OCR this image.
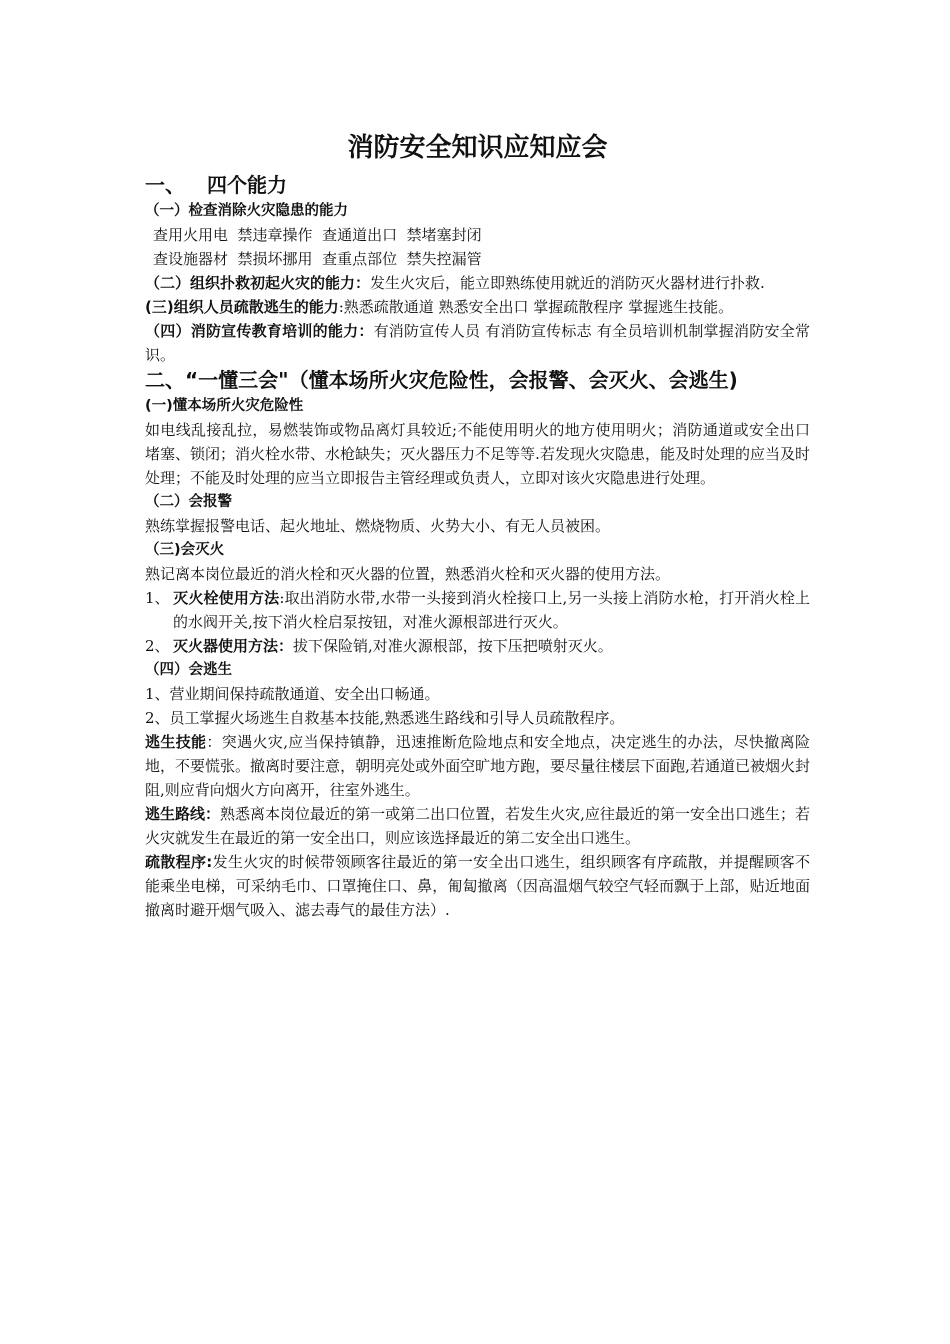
消防安全知识应知应会
一、 四个能力
（一）检查消除火灾隐患的能力

查用火用电  禁违章操作  查通道出口  禁堵塞封闭

查设施器材  禁损坏挪用  查重点部位  禁失控漏管

（二）组织扑救初起火灾的能力：发生火灾后，能立即熟练使用就近的消防灭火器材进行扑救.

(三)组织人员疏散逃生的能力:熟悉疏散通道 熟悉安全出口 掌握疏散程序 掌握逃生技能。

（四）消防宣传教育培训的能力：有消防宣传人员 有消防宣传标志 有全员培训机制掌握消防安全常识。

二、“一懂三会"（懂本场所火灾危险性，会报警、会灭火、会逃生)
(一)懂本场所火灾危险性

如电线乱接乱拉，易燃装饰或物品离灯具较近;不能使用明火的地方使用明火；消防通道或安全出口堵塞、锁闭；消火栓水带、水枪缺失；灭火器压力不足等等.若发现火灾隐患，能及时处理的应当及时处理；不能及时处理的应当立即报告主管经理或负责人，立即对该火灾隐患进行处理。

（二）会报警

熟练掌握报警电话、起火地址、燃烧物质、火势大小、有无人员被困。

（三)会灭火

熟记离本岗位最近的消火栓和灭火器的位置，熟悉消火栓和灭火器的使用方法。

1、 灭火栓使用方法:取出消防水带,水带一头接到消火栓接口上,另一头接上消防水枪，打开消火栓上的水阀开关,按下消火栓启泵按钮，对准火源根部进行灭火。

2、 灭火器使用方法：拔下保险销,对准火源根部，按下压把喷射灭火。

（四）会逃生

1、营业期间保持疏散通道、安全出口畅通。

2、员工掌握火场逃生自救基本技能,熟悉逃生路线和引导人员疏散程序。

逃生技能：突遇火灾,应当保持镇静，迅速推断危险地点和安全地点，决定逃生的办法，尽快撤离险地，不要慌张。撤离时要注意，朝明亮处或外面空旷地方跑，要尽量往楼层下面跑,若通道已被烟火封阻,则应背向烟火方向离开，往室外逃生。

逃生路线：熟悉离本岗位最近的第一或第二出口位置，若发生火灾,应往最近的第一安全出口逃生；若火灾就发生在最近的第一安全出口，则应该选择最近的第二安全出口逃生。

疏散程序:发生火灾的时候带领顾客往最近的第一安全出口逃生，组织顾客有序疏散，并提醒顾客不能乘坐电梯，可采纳毛巾、口罩掩住口、鼻，匍匐撤离（因高温烟气较空气轻而飘于上部，贴近地面撤离时避开烟气吸入、滤去毒气的最佳方法）.
